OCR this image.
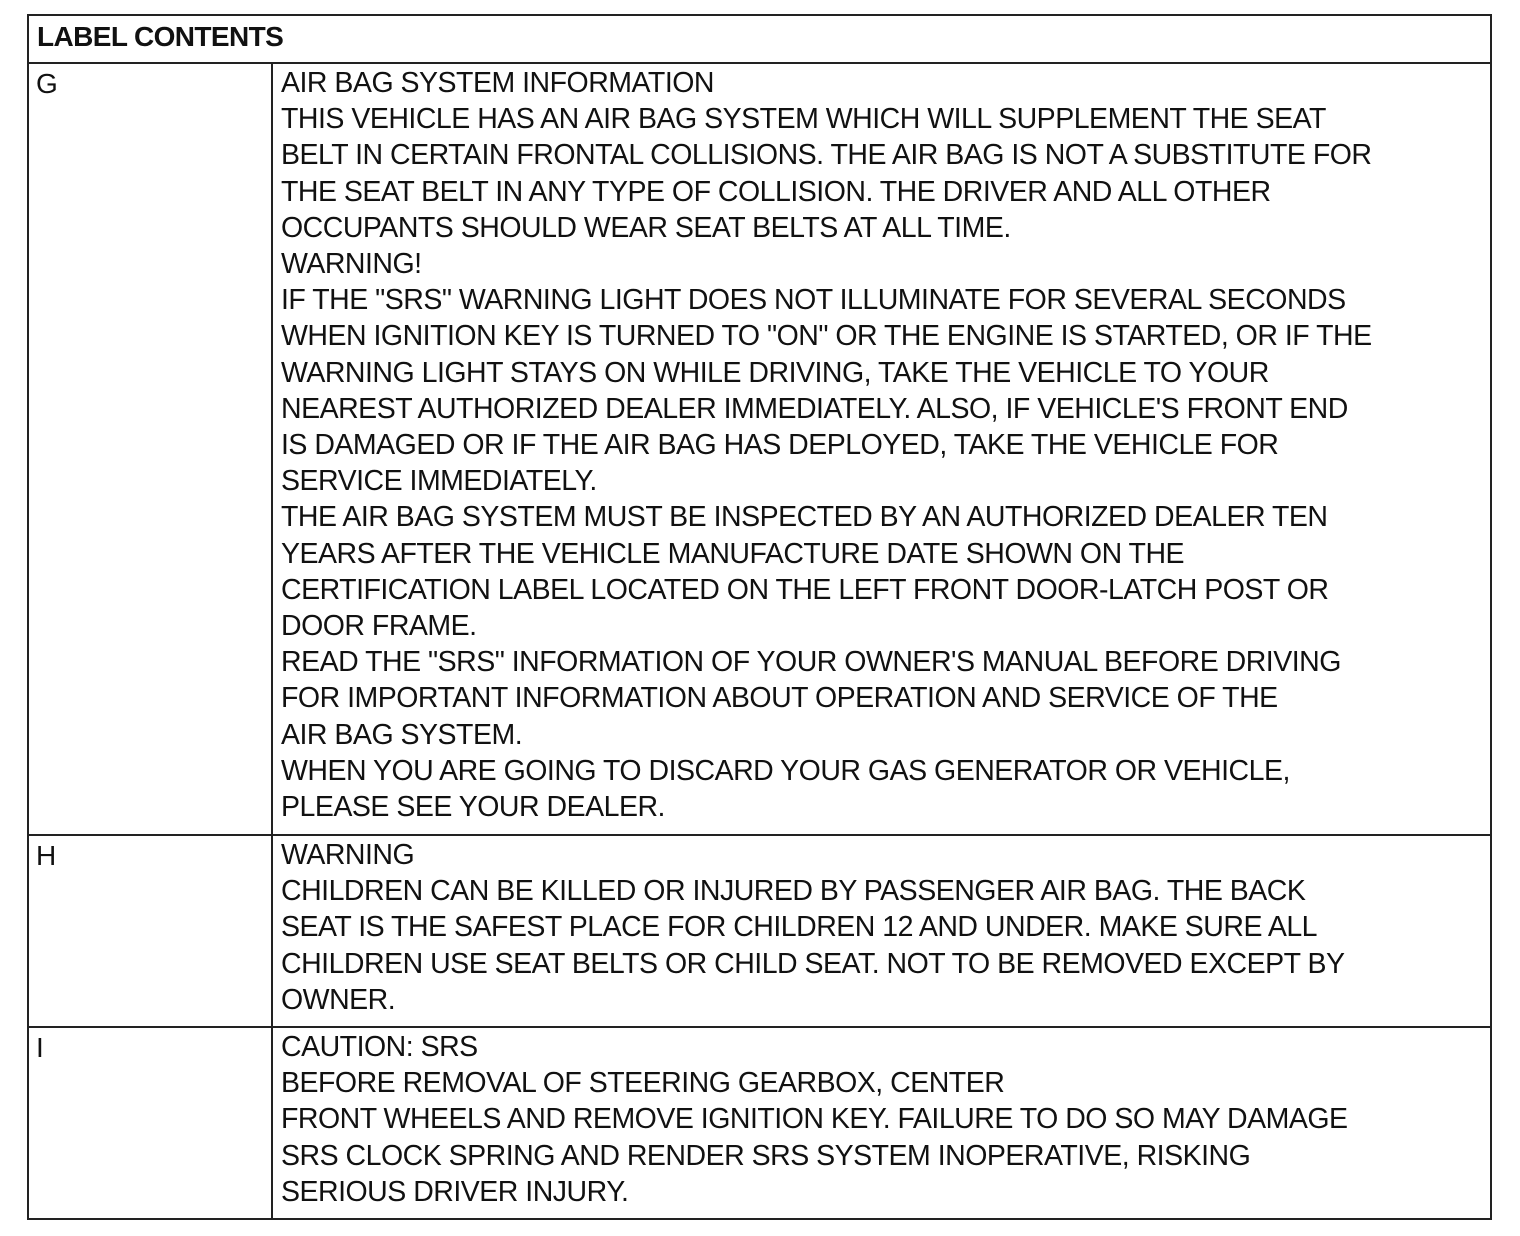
LABEL CONTENTS
G	AIR BAG SYSTEM INFORMATION
THIS VEHICLE HAS AN AIR BAG SYSTEM WHICH WILL SUPPLEMENT THE SEAT
BELT IN CERTAIN FRONTAL COLLISIONS. THE AIR BAG IS NOT A SUBSTITUTE FOR
THE SEAT BELT IN ANY TYPE OF COLLISION. THE DRIVER AND ALL OTHER
OCCUPANTS SHOULD WEAR SEAT BELTS AT ALL TIME.
WARNING!
IF THE "SRS" WARNING LIGHT DOES NOT ILLUMINATE FOR SEVERAL SECONDS
WHEN IGNITION KEY IS TURNED TO "ON" OR THE ENGINE IS STARTED, OR IF THE
WARNING LIGHT STAYS ON WHILE DRIVING, TAKE THE VEHICLE TO YOUR
NEAREST AUTHORIZED DEALER IMMEDIATELY. ALSO, IF VEHICLE'S FRONT END
IS DAMAGED OR IF THE AIR BAG HAS DEPLOYED, TAKE THE VEHICLE FOR
SERVICE IMMEDIATELY.
THE AIR BAG SYSTEM MUST BE INSPECTED BY AN AUTHORIZED DEALER TEN
YEARS AFTER THE VEHICLE MANUFACTURE DATE SHOWN ON THE
CERTIFICATION LABEL LOCATED ON THE LEFT FRONT DOOR-LATCH POST OR
DOOR FRAME.
READ THE "SRS" INFORMATION OF YOUR OWNER'S MANUAL BEFORE DRIVING
FOR IMPORTANT INFORMATION ABOUT OPERATION AND SERVICE OF THE
AIR BAG SYSTEM.
WHEN YOU ARE GOING TO DISCARD YOUR GAS GENERATOR OR VEHICLE,
PLEASE SEE YOUR DEALER.
H	WARNING
CHILDREN CAN BE KILLED OR INJURED BY PASSENGER AIR BAG. THE BACK
SEAT IS THE SAFEST PLACE FOR CHILDREN 12 AND UNDER. MAKE SURE ALL
CHILDREN USE SEAT BELTS OR CHILD SEAT. NOT TO BE REMOVED EXCEPT BY
OWNER.
I	CAUTION: SRS
BEFORE REMOVAL OF STEERING GEARBOX, CENTER
FRONT WHEELS AND REMOVE IGNITION KEY. FAILURE TO DO SO MAY DAMAGE
SRS CLOCK SPRING AND RENDER SRS SYSTEM INOPERATIVE, RISKING
SERIOUS DRIVER INJURY.
